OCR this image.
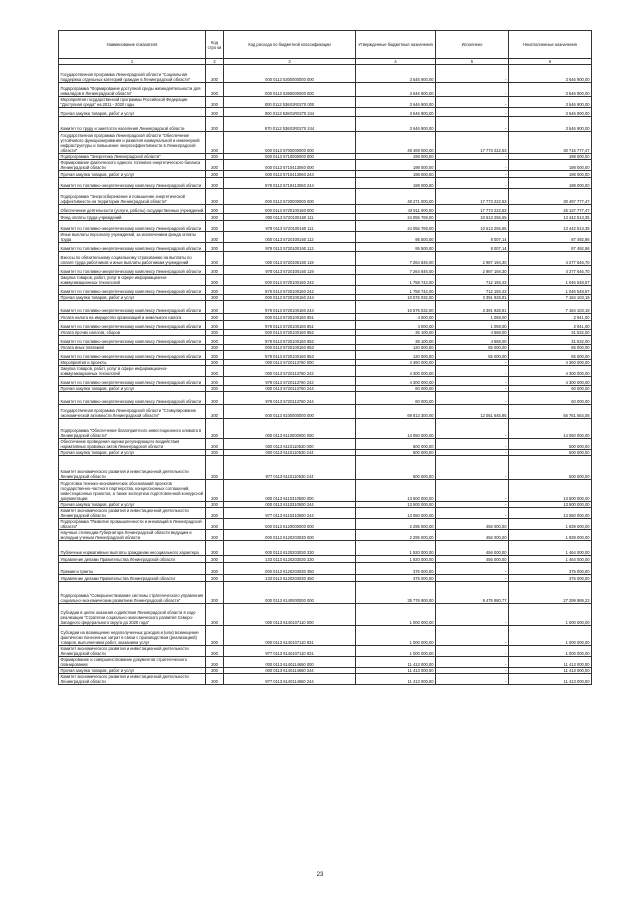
Наименование показателя	Код стро ки	Код расхода по бюджетной классификации	Утвержденные бюджетные назначения	Исполнено	Неисполненные назначения
1	2	3	4	5	6
Государственная программа Ленинградской области "Социальная поддержка отдельных категорий граждан в Ленинградской области"	200	000 0113 5300000000 000	3 646 900,00	-	3 646 900,00
Подпрограмма "Формирование доступной среды жизнедеятельности для инвалидов в Ленинградской области"	200	000 0113 5360000000 000	3 646 900,00	-	3 646 900,00
Мероприятия государственной программы Российской Федерации "Доступная среда" на 2011 - 2020 годы	200	000 0113 53601R0270 000	3 646 900,00	-	3 646 900,00
Прочая закупка товаров, работ и услуг	200	000 0113 53601R0270 244	3 646 900,00	-	3 646 900,00
Комитет по труду и занятости населения Ленинградской области	200	970 0113 53601R0270 244	3 646 900,00	-	3 646 900,00
Государственная программа Ленинградской области "Обеспечение устойчивого функционирования и развития коммунальной и инженерной инфраструктуры и повышение энергоэффективности в Ленинградской области"	200	000 0113 5700000000 000	48 469 000,00	17 773 222,53	30 715 777,47
Подпрограмма "Энергетика Ленинградской области"	200	000 0113 5710000000 000	198 000,00	-	198 000,00
Формирование фактического единого топливно-энергетического баланса Ленинградской области	200	000 0113 5710413060 000	198 000,00	-	198 000,00
Прочая закупка товаров, работ и услуг	200	000 0113 5710413060 244	198 000,00	-	198 000,00
Комитет по топливно-энергетическому комплексу Ленинградской области	200	978 0113 5710413060 244	198 000,00	-	198 000,00
Подпрограмма "Энергосбережение и повышение энергетической эффективности на территории Ленинградской области"	200	000 0113 5720000000 000	48 271 000,00	17 773 222,53	30 497 777,47
Обеспечение деятельности (услуги, работы) государственных учреждений	200	000 0113 5720100160 000	43 911 000,00	17 773 222,53	26 137 777,47
Фонд оплаты труда учреждений	200	000 0113 5720100160 111	24 055 769,00	10 613 255,65	13 442 513,35
Комитет по топливно-энергетическому комплексу Ленинградской области	200	978 0113 5720100160 111	24 055 769,00	10 613 255,65	13 442 513,35
Иные выплаты персоналу учреждений, за исключением фонда оплаты труда	200	000 0113 5720100160 112	95 500,00	8 007,14	87 492,86
Комитет по топливно-энергетическому комплексу Ленинградской области	200	978 0113 5720100160 112	95 500,00	8 007,14	87 492,86
Взносы по обязательному социальному страхованию на выплаты по оплате труда работников и иные выплаты работникам учреждений	200	000 0113 5720100160 119	7 264 846,00	2 987 194,30	4 277 646,70
Комитет по топливно-энергетическому комплексу Ленинградской области	200	978 0113 5720100160 119	7 264 846,00	2 987 194,30	4 277 646,70
Закупка товаров, работ, услуг в сфере информационно-коммуникационных технологий	200	000 0113 5720100160 242	1 758 742,00	712 193,43	1 046 548,57
Комитет по топливно-энергетическому комплексу Ленинградской области	200	978 0113 5720100160 242	1 758 742,00	712 193,43	1 046 548,57
Прочая закупка товаров, работ и услуг	200	000 0113 5720100160 244	10 576 032,00	3 391 928,81	7 184 103,19
Комитет по топливно-энергетическому комплексу Ленинградской области	200	978 0113 5720100160 244	10 576 032,00	3 391 928,81	7 184 103,19
Уплата налога на имущество организаций и земельного налога	200	000 0113 5720100160 851	4 000,00	1 059,00	2 941,00
Комитет по топливно-энергетическому комплексу Ленинградской области	200	978 0113 5720100160 851	4 000,00	1 059,00	2 941,00
Уплата прочих налогов, сборов	200	000 0113 5720100160 852	36 100,00	4 568,00	31 532,00
Комитет по топливно-энергетическому комплексу Ленинградской области	200	978 0113 5720100160 852	36 100,00	4 568,00	31 532,00
Уплата иных платежей	200	000 0113 5720100160 853	120 000,00	55 000,00	65 000,00
Комитет по топливно-энергетическому комплексу Ленинградской области	200	978 0113 5720100160 853	120 000,00	55 000,00	65 000,00
Мероприятия и проекты	200	000 0113 5720113760 000	4 360 000,00	-	4 360 000,00
Закупка товаров, работ, услуг в сфере информационно-коммуникационных технологий	200	000 0113 5720113760 242	4 300 000,00	-	4 300 000,00
Комитет по топливно-энергетическому комплексу Ленинградской области	200	978 0113 5720113760 242	4 300 000,00	-	4 300 000,00
Прочая закупка товаров, работ и услуг	200	000 0113 5720113760 244	60 000,00	-	60 000,00
Комитет по топливно-энергетическому комплексу Ленинградской области	200	978 0113 5720113760 244	60 000,00	-	60 000,00
Государственная программа Ленинградской области "Стимулирование экономической активности Ленинградской области"	200	000 0113 6100000000 000	69 813 300,00	12 051 645,95	56 761 654,05
Подпрограмма "Обеспечение благоприятного инвестиционного климата в Ленинградской области"	200	000 0113 6110000000 000	14 050 000,00	-	14 050 000,00
Обеспечение проведения оценки регулирующего воздействия нормативных правовых актов Ленинградской области	200	000 0113 6110110530 000	500 000,00	-	500 000,00
Прочая закупка товаров, работ и услуг	200	000 0113 6110110530 244	500 000,00	-	500 000,00
Комитет экономического развития и инвестиционной деятельности Ленинградской области	200	977 0113 6110110530 244	500 000,00	-	500 000,00
Подготовка технико-экономических обоснований проектов государственно-частного партнерства, концессионных соглашений, инвестиционных проектов, а также экспертиза подготовленной конкурсной документации	200	000 0113 6110310500 000	13 500 000,00	-	13 500 000,00
Прочая закупка товаров, работ и услуг	200	000 0113 6110310500 244	13 500 000,00	-	13 500 000,00
Комитет экономического развития и инвестиционной деятельности Ленинградской области	200	977 0113 6110310500 244	13 550 000,00	-	13 550 000,00
Подпрограмма "Развитие промышленности и инноваций в Ленинградской области"	200	000 0113 6120000000 000	2 295 000,00	456 000,00	1 839 000,00
Научные стипендии Губернатора Ленинградской области ведущим и молодым ученым Ленинградской области	200	000 0113 6120203030 000	2 295 000,00	456 000,00	1 839 000,00
Публичные нормативные выплаты гражданам несоциального характера	200	000 0113 6120203030 330	1 920 000,00	456 000,00	1 464 000,00
Управление делами Правительства Ленинградской области	200	133 0113 6120203030 330	1 920 000,00	456 000,00	1 464 000,00
Премии и гранты	200	000 0113 6120203030 350	375 000,00	-	375 000,00
Управление делами Правительства Ленинградской области	200	133 0113 6120203030 350	375 000,00	-	375 000,00
Подпрограмма "Совершенствование системы стратегического управления социально-экономическим развитием Ленинградской области"	200	000 0113 6140000000 000	35 776 900,00	8 475 980,77	27 299 989,23
Субсидии в целях оказания содействия Ленинградской области в ходе реализации "Стратегии социально-экономического развития Северо-Западного федерального округа до 2020 года"	200	000 0113 6140107110 000	1 000 000,00	-	1 000 000,00
Субсидии на возмещение недополученных доходов и (или) возмещение фактически понесенных затрат в связи с производством (реализацией) товаров, выполнением работ, оказанием услуг	200	000 0113 6140107110 831	1 000 000,00	-	1 000 000,00
Комитет экономического развития и инвестиционной деятельности Ленинградской области	200	977 0113 6140107110 831	1 000 000,00	-	1 000 000,00
Формирование и совершенствование документов стратегического планирования	200	000 0113 6140114650 000	11 413 000,00	-	11 413 000,00
Прочая закупка товаров, работ и услуг	200	000 0113 6140114650 244	11 413 000,00	-	11 413 000,00
Комитет экономического развития и инвестиционной деятельности Ленинградской области	200	977 0113 6140114650 244	11 413 000,00	-	11 413 000,00
23
